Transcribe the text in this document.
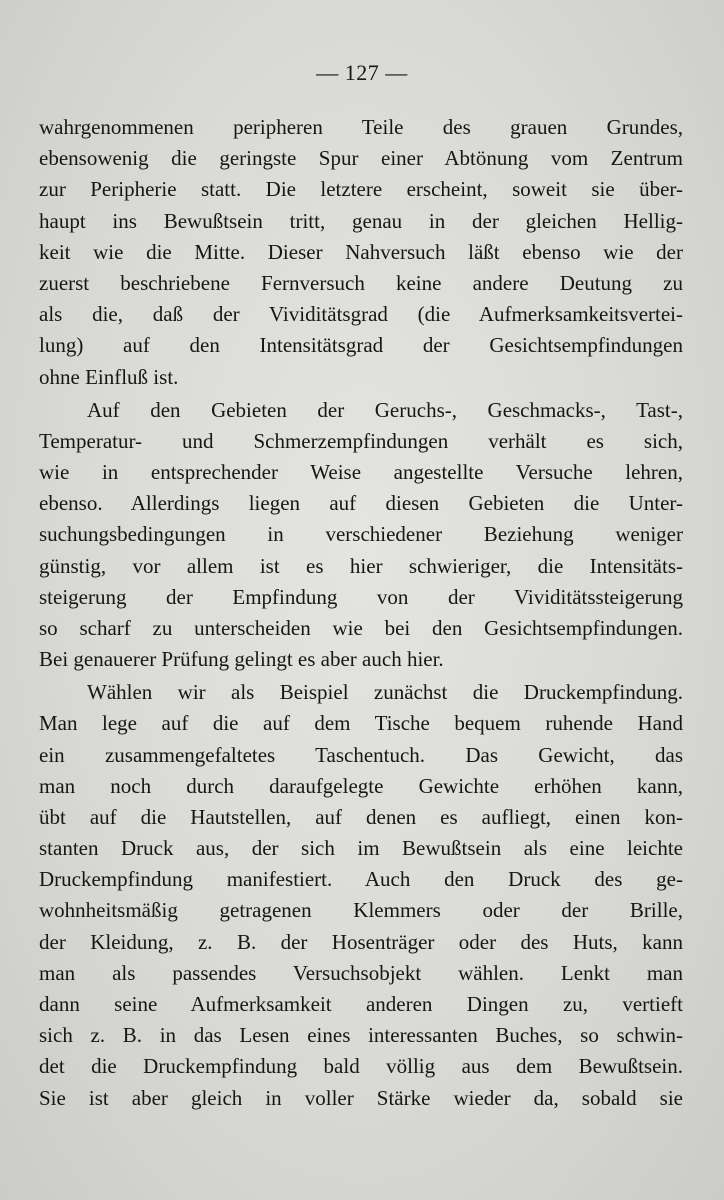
— 127 —
wahrgenommenen peripheren Teile des grauen Grundes,
ebensowenig die geringste Spur einer Abtönung vom Zentrum
zur Peripherie statt. Die letztere erscheint, soweit sie über-
haupt ins Bewußtsein tritt, genau in der gleichen Hellig-
keit wie die Mitte. Dieser Nahversuch läßt ebenso wie der
zuerst beschriebene Fernversuch keine andere Deutung zu
als die, daß der Vividitätsgrad (die Aufmerksamkeitsvertei-
lung) auf den Intensitätsgrad der Gesichtsempfindungen
ohne Einfluß ist.
Auf den Gebieten der Geruchs-, Geschmacks-, Tast-,
Temperatur- und Schmerzempfindungen verhält es sich,
wie in entsprechender Weise angestellte Versuche lehren,
ebenso. Allerdings liegen auf diesen Gebieten die Unter-
suchungsbedingungen in verschiedener Beziehung weniger
günstig, vor allem ist es hier schwieriger, die Intensitäts-
steigerung der Empfindung von der Vividitätssteigerung
so scharf zu unterscheiden wie bei den Gesichtsempfindungen.
Bei genauerer Prüfung gelingt es aber auch hier.
Wählen wir als Beispiel zunächst die Druckempfindung.
Man lege auf die auf dem Tische bequem ruhende Hand
ein zusammengefaltetes Taschentuch. Das Gewicht, das
man noch durch daraufgelegte Gewichte erhöhen kann,
übt auf die Hautstellen, auf denen es aufliegt, einen kon-
stanten Druck aus, der sich im Bewußtsein als eine leichte
Druckempfindung manifestiert. Auch den Druck des ge-
wohnheitsmäßig getragenen Klemmers oder der Brille,
der Kleidung, z. B. der Hosenträger oder des Huts, kann
man als passendes Versuchsobjekt wählen. Lenkt man
dann seine Aufmerksamkeit anderen Dingen zu, vertieft
sich z. B. in das Lesen eines interessanten Buches, so schwin-
det die Druckempfindung bald völlig aus dem Bewußtsein.
Sie ist aber gleich in voller Stärke wieder da, sobald sie
